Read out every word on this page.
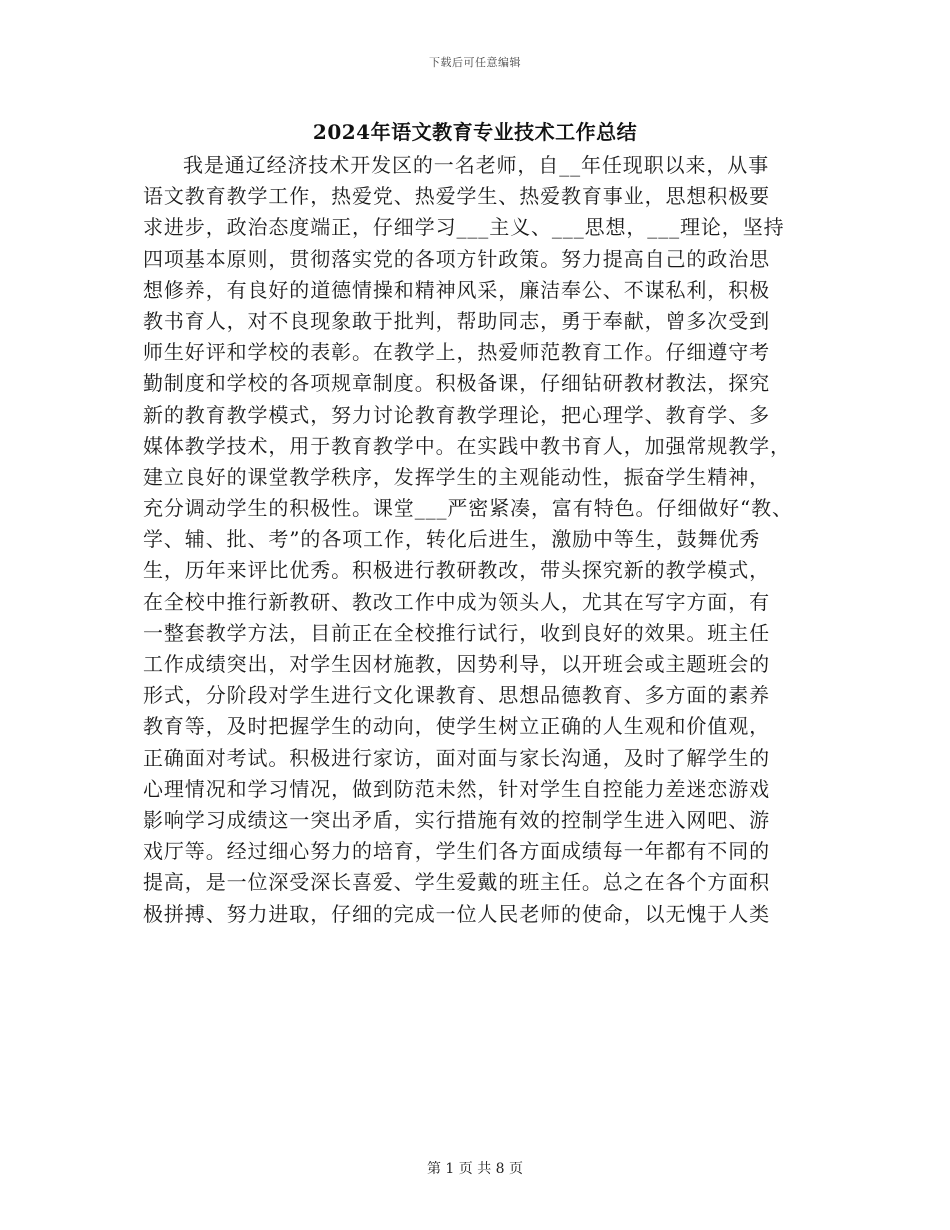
下载后可任意编辑
2024年语文教育专业技术工作总结
我是通辽经济技术开发区的一名老师，自__年任现职以来，从事
语文教育教学工作，热爱党、热爱学生、热爱教育事业，思想积极要
求进步，政治态度端正，仔细学习___主义、___思想，___理论，坚持
四项基本原则，贯彻落实党的各项方针政策。努力提高自己的政治思
想修养，有良好的道德情操和精神风采，廉洁奉公、不谋私利，积极
教书育人，对不良现象敢于批判，帮助同志，勇于奉献，曾多次受到
师生好评和学校的表彰。在教学上，热爱师范教育工作。仔细遵守考
勤制度和学校的各项规章制度。积极备课，仔细钻研教材教法，探究
新的教育教学模式，努力讨论教育教学理论，把心理学、教育学、多
媒体教学技术，用于教育教学中。在实践中教书育人，加强常规教学，
建立良好的课堂教学秩序，发挥学生的主观能动性，振奋学生精神，
充分调动学生的积极性。课堂___严密紧凑，富有特色。仔细做好“教、
学、辅、批、考”的各项工作，转化后进生，激励中等生，鼓舞优秀
生，历年来评比优秀。积极进行教研教改，带头探究新的教学模式，
在全校中推行新教研、教改工作中成为领头人，尤其在写字方面，有
一整套教学方法，目前正在全校推行试行，收到良好的效果。班主任
工作成绩突出，对学生因材施教，因势利导，以开班会或主题班会的
形式，分阶段对学生进行文化课教育、思想品德教育、多方面的素养
教育等，及时把握学生的动向，使学生树立正确的人生观和价值观，
正确面对考试。积极进行家访，面对面与家长沟通，及时了解学生的
心理情况和学习情况，做到防范未然，针对学生自控能力差迷恋游戏
影响学习成绩这一突出矛盾，实行措施有效的控制学生进入网吧、游
戏厅等。经过细心努力的培育，学生们各方面成绩每一年都有不同的
提高，是一位深受深长喜爱、学生爱戴的班主任。总之在各个方面积
极拼搏、努力进取，仔细的完成一位人民老师的使命，以无愧于人类
第 1 页 共 8 页
